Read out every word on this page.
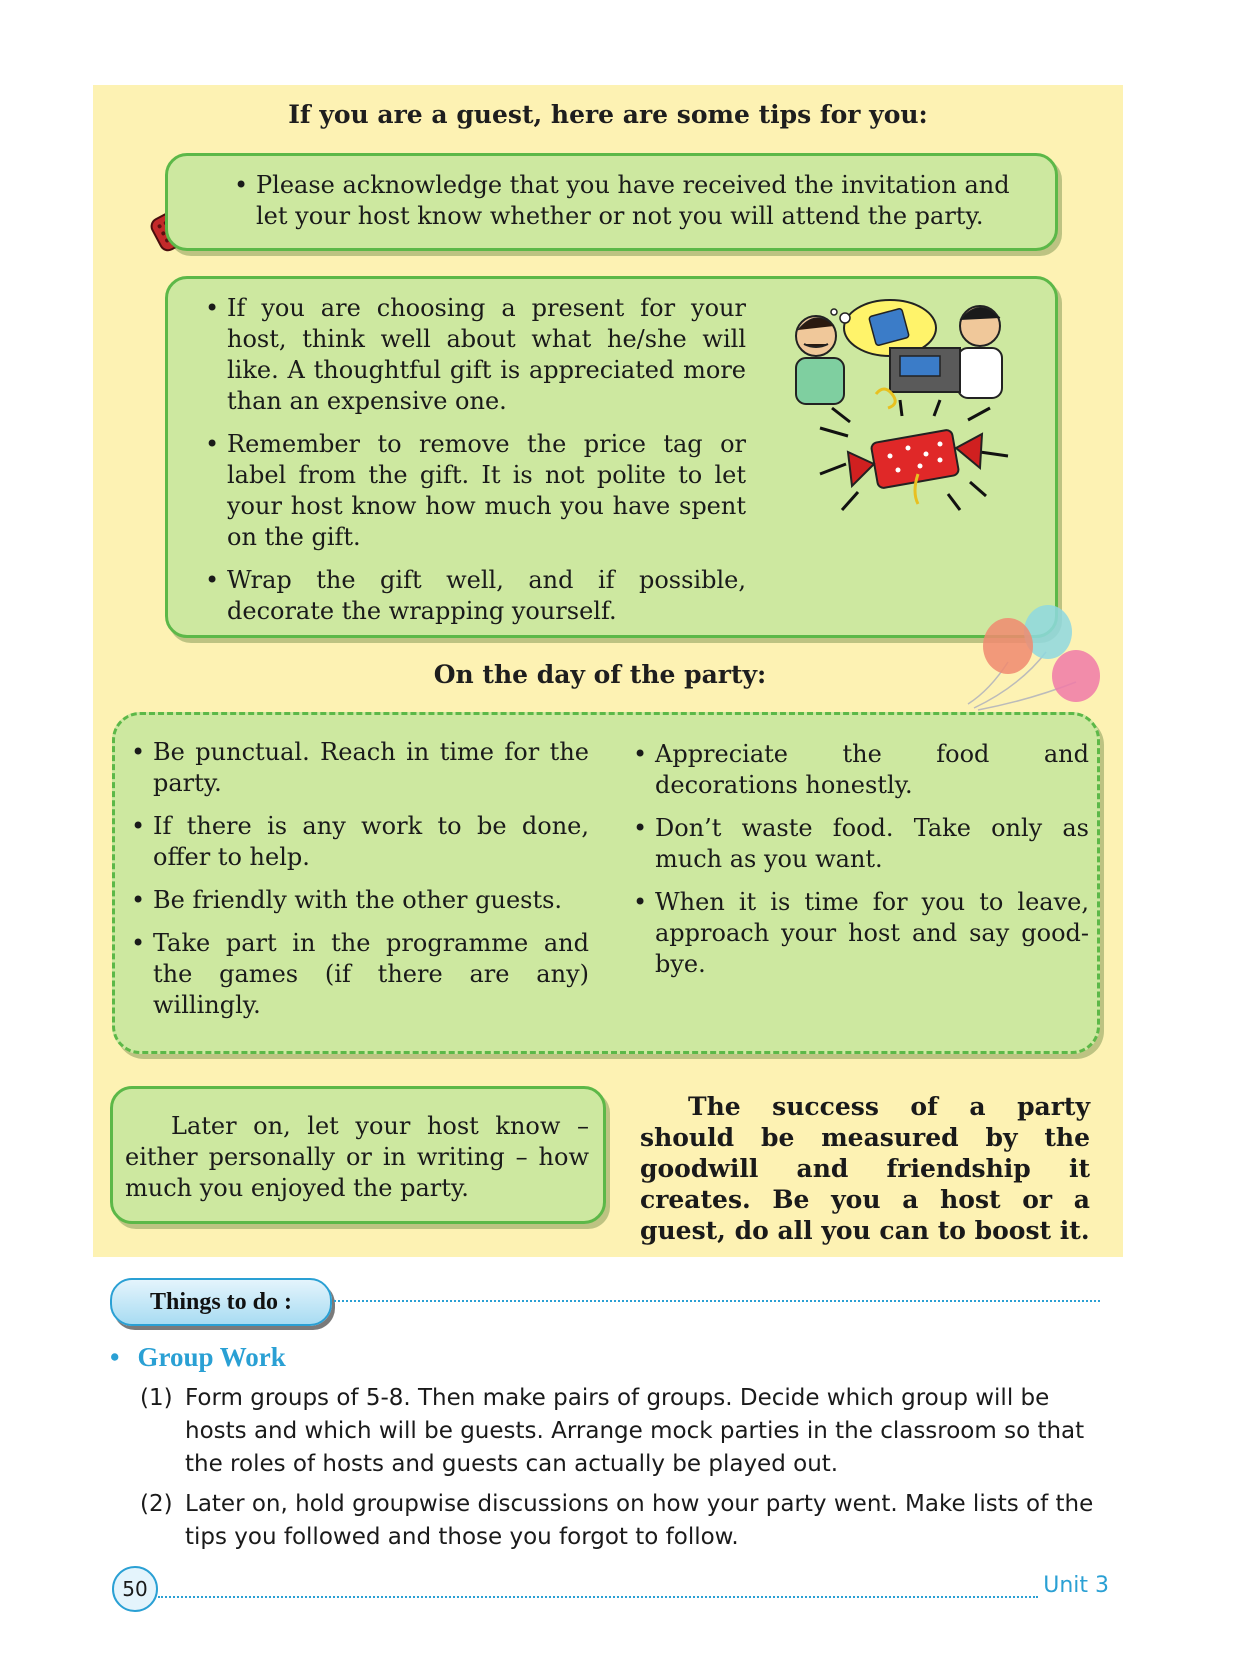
If you are a guest, here are some tips for you:
• Please acknowledge that you have received the invitation and let your host know whether or not you will attend the party.
• If you are choosing a present for your host, think well about what he/she will like. A thoughtful gift is appreciated more than an expensive one.
• Remember to remove the price tag or label from the gift. It is not polite to let your host know how much you have spent on the gift.
• Wrap the gift well, and if possible, decorate the wrapping yourself.
On the day of the party:
• Be punctual. Reach in time for the party.
• If there is any work to be done, offer to help.
• Be friendly with the other guests.
• Take part in the programme and the games (if there are any) willingly.
• Appreciate the food and decorations honestly.
• Don’t waste food. Take only as much as you want.
• When it is time for you to leave, approach your host and say good-bye.
Later on, let your host know – either personally or in writing – how much you enjoyed the party.
The success of a party should be measured by the goodwill and friendship it creates. Be you a host or a guest, do all you can to boost it.
Things to do :
• Group Work
(1) Form groups of 5-8. Then make pairs of groups. Decide which group will be hosts and which will be guests. Arrange mock parties in the classroom so that the roles of hosts and guests can actually be played out.
(2) Later on, hold groupwise discussions on how your party went. Make lists of the tips you followed and those you forgot to follow.
50	Unit 3
